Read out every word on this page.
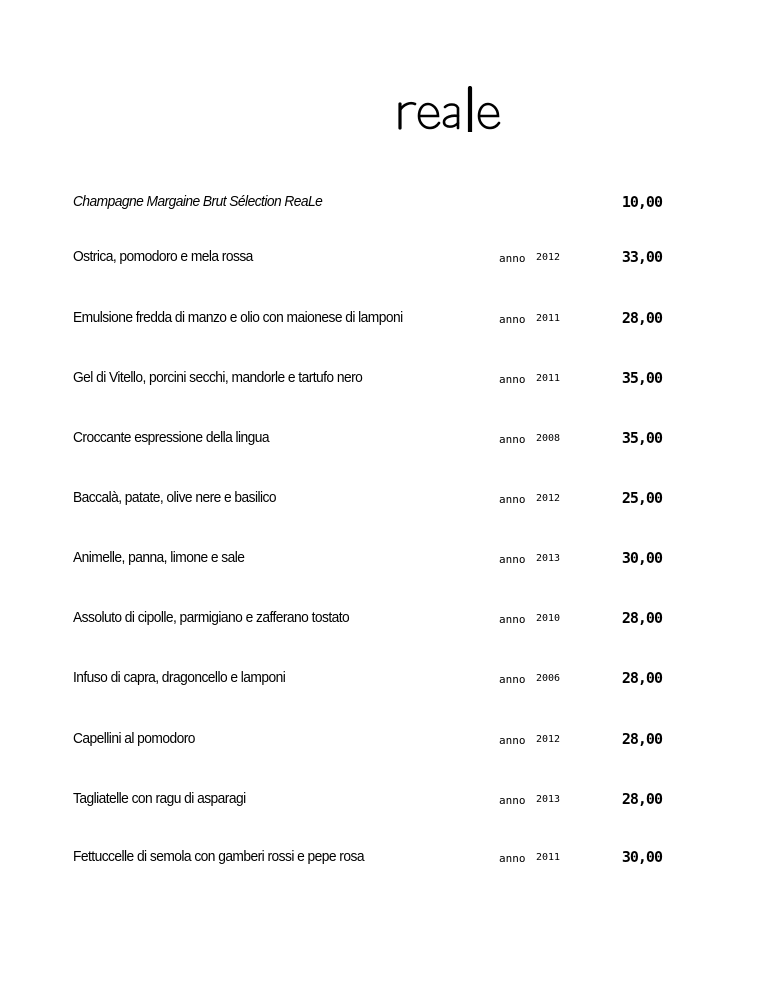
Champagne Margaine Brut Sélection ReaLe	10,00
Ostrica, pomodoro e mela rossa	anno 2012	33,00
Emulsione fredda di manzo e olio con maionese di lamponi	anno 2011	28,00
Gel di Vitello, porcini secchi, mandorle e tartufo nero	anno 2011	35,00
Croccante espressione della lingua	anno 2008	35,00
Baccalà, patate, olive nere e basilico	anno 2012	25,00
Animelle, panna, limone e sale	anno 2013	30,00
Assoluto di cipolle, parmigiano e zafferano tostato	anno 2010	28,00
Infuso di capra, dragoncello e lamponi	anno 2006	28,00
Capellini al pomodoro	anno 2012	28,00
Tagliatelle con ragu di asparagi	anno 2013	28,00
Fettuccelle di semola con gamberi rossi e pepe rosa	anno 2011	30,00
